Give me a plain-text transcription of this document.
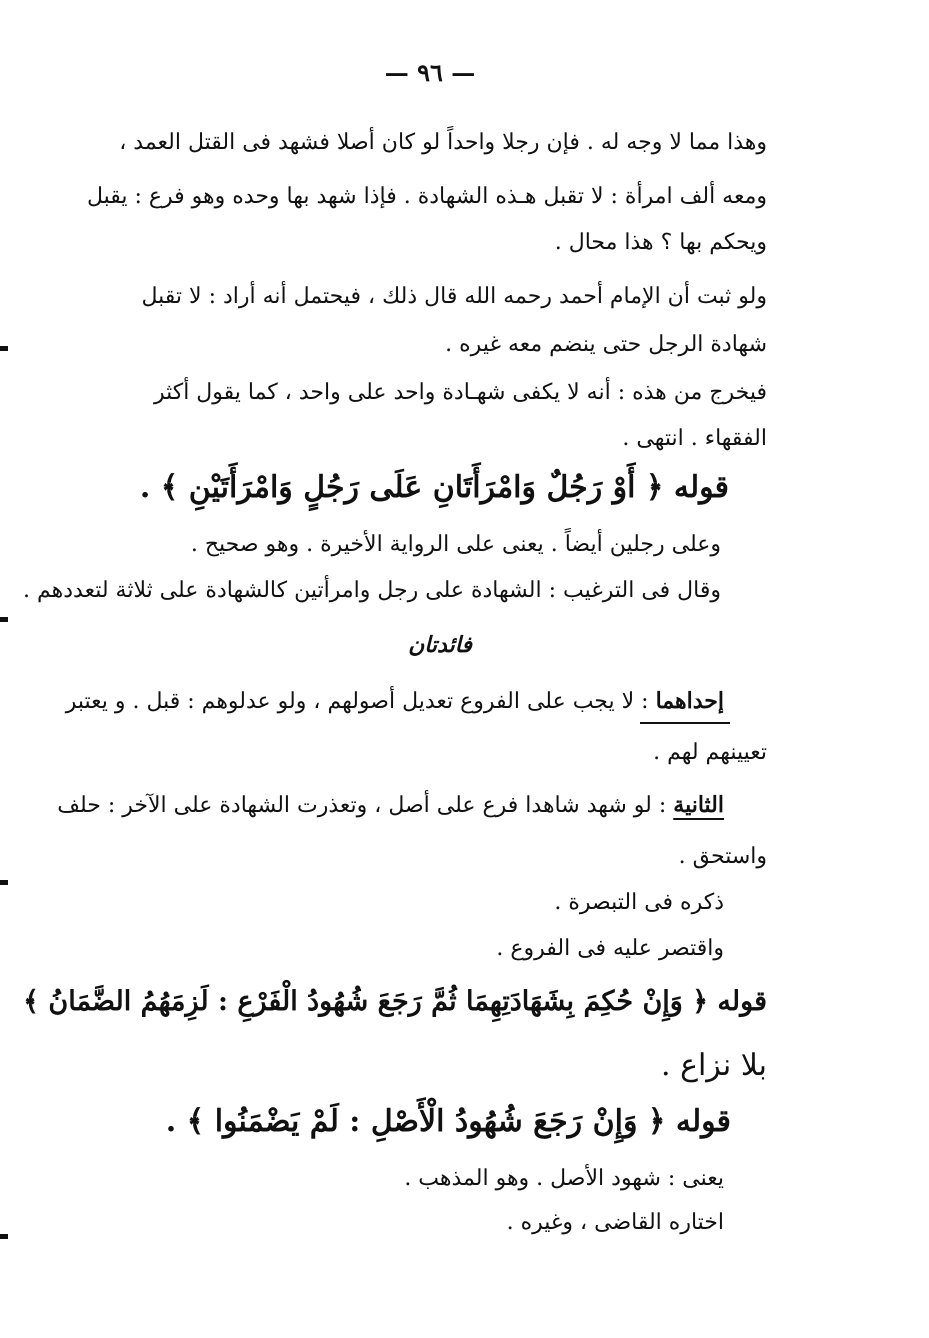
— ٩٦ —
وهذا مما لا وجه له . فإن رجلا واحداً لو كان أصلا فشهد فى القتل العمد ،
ومعه ألف امرأة : لا تقبل هـذه الشهادة . فإذا شهد بها وحده وهو فرع : يقبل
ويحكم بها ؟ هذا محال .
ولو ثبت أن الإمام أحمد رحمه الله قال ذلك ، فيحتمل أنه أراد : لا تقبل
شهادة الرجل حتى ينضم معه غيره .
فيخرج من هذه : أنه لا يكفى شهـادة واحد على واحد ، كما يقول أكثر
الفقهاء . انتهى .
قوله ﴿ أَوْ رَجُلٌ وَامْرَأَتَانِ عَلَى رَجُلٍ وَامْرَأَتَيْنِ ﴾ .
وعلى رجلين أيضاً . يعنى على الرواية الأخيرة . وهو صحيح .
وقال فى الترغيب : الشهادة على رجل وامرأتين كالشهادة على ثلاثة لتعددهم .
فائدتان
إحداهما : لا يجب على الفروع تعديل أصولهم ، ولو عدلوهم : قبل . و يعتبر
تعيينهم لهم .
الثانية : لو شهد شاهدا فرع على أصل ، وتعذرت الشهادة على الآخر : حلف
واستحق .
ذكره فى التبصرة .
واقتصر عليه فى الفروع .
قوله ﴿ وَإِنْ حُكِمَ بِشَهَادَتِهِمَا ثُمَّ رَجَعَ شُهُودُ الْفَرْعِ : لَزِمَهُمُ الضَّمَانُ ﴾
بلا نزاع .
قوله ﴿ وَإِنْ رَجَعَ شُهُودُ الْأَصْلِ : لَمْ يَضْمَنُوا ﴾ .
يعنى : شهود الأصل . وهو المذهب .
اختاره القاضى ، وغيره .
